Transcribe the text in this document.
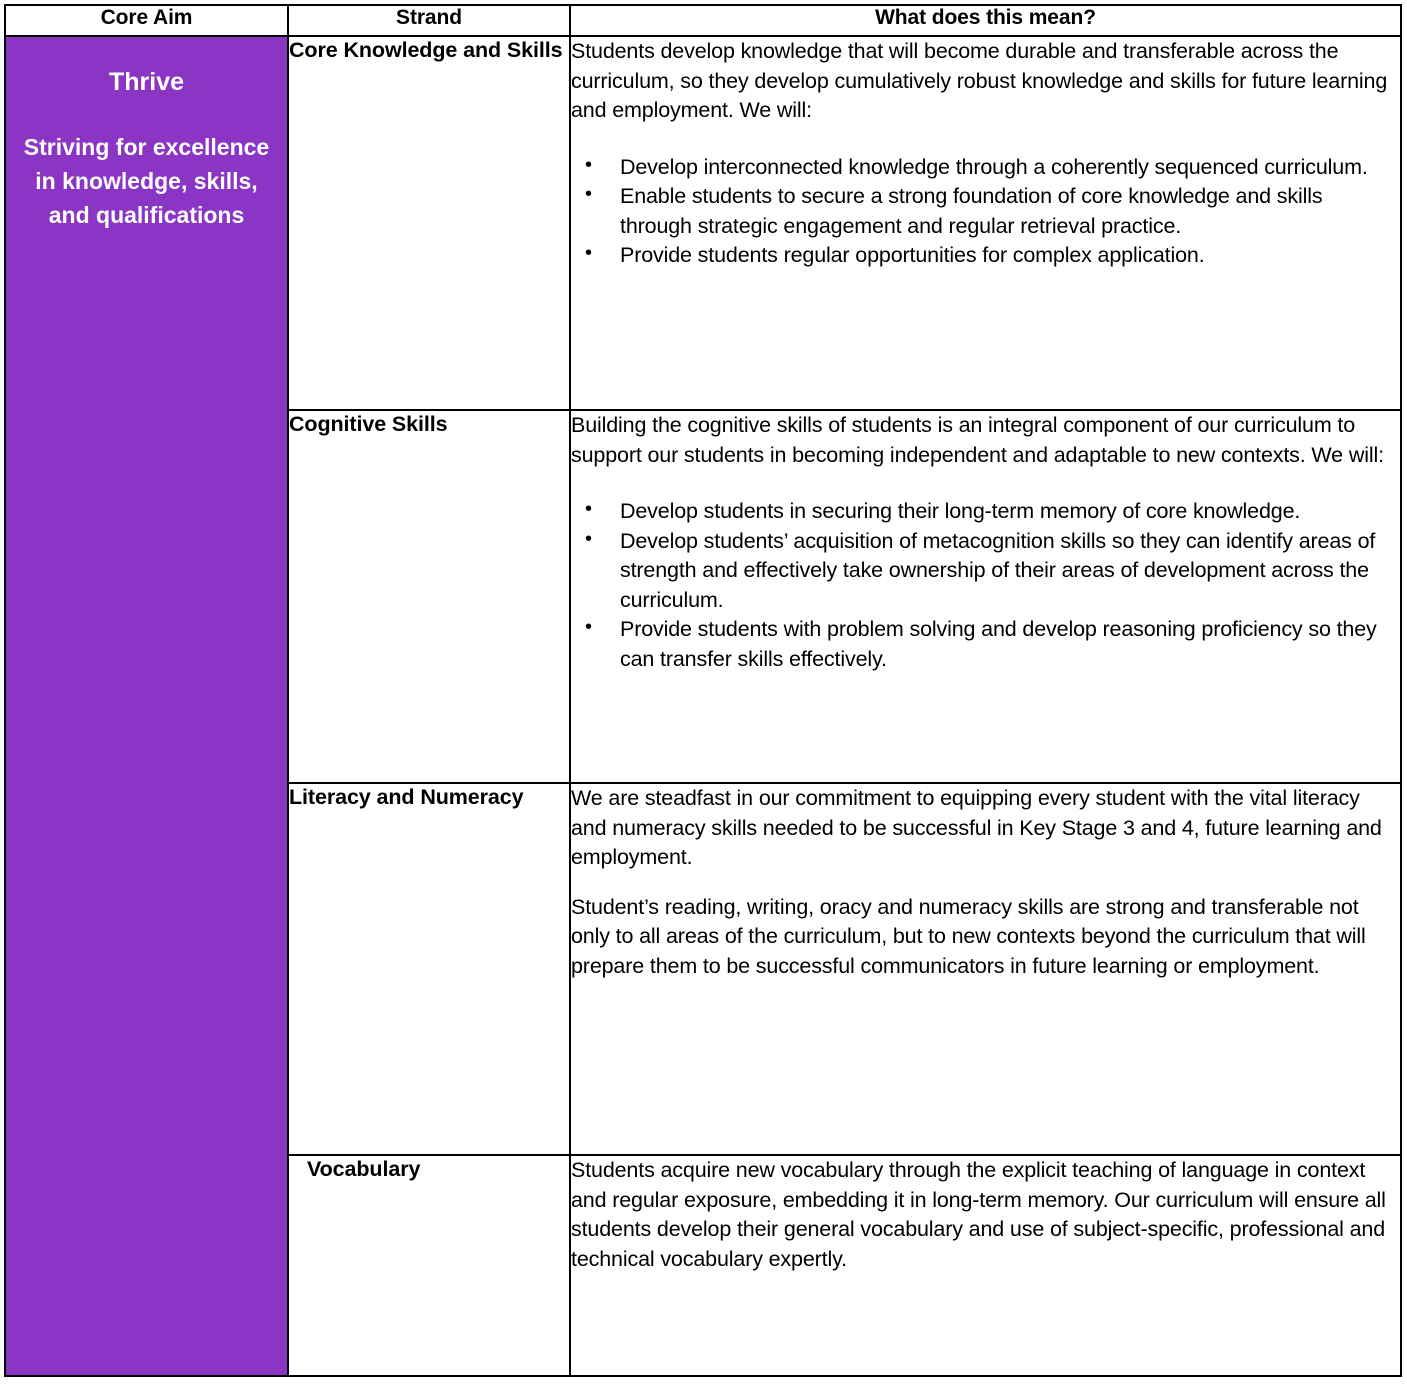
Core Aim	Strand	What does this mean?

Thrive
Striving for excellence in knowledge, skills, and qualifications
	Core Knowledge and Skills	Students develop knowledge that will become durable and transferable across the curriculum, so they develop cumulatively robust knowledge and skills for future learning and employment. We will:

• Develop interconnected knowledge through a coherently sequenced curriculum.
• Enable students to secure a strong foundation of core knowledge and skills through strategic engagement and regular retrieval practice.
• Provide students regular opportunities for complex application.

Cognitive Skills	Building the cognitive skills of students is an integral component of our curriculum to support our students in becoming independent and adaptable to new contexts. We will:

• Develop students in securing their long-term memory of core knowledge.
• Develop students’ acquisition of metacognition skills so they can identify areas of strength and effectively take ownership of their areas of development across the curriculum.
• Provide students with problem solving and develop reasoning proficiency so they can transfer skills effectively.

	Literacy and Numeracy	We are steadfast in our commitment to equipping every student with the vital literacy and numeracy skills needed to be successful in Key Stage 3 and 4, future learning and employment.

Student’s reading, writing, oracy and numeracy skills are strong and transferable not only to all areas of the curriculum, but to new contexts beyond the curriculum that will prepare them to be successful communicators in future learning or employment.

	Vocabulary	Students acquire new vocabulary through the explicit teaching of language in context and regular exposure, embedding it in long-term memory. Our curriculum will ensure all students develop their general vocabulary and use of subject-specific, professional and technical vocabulary expertly.
